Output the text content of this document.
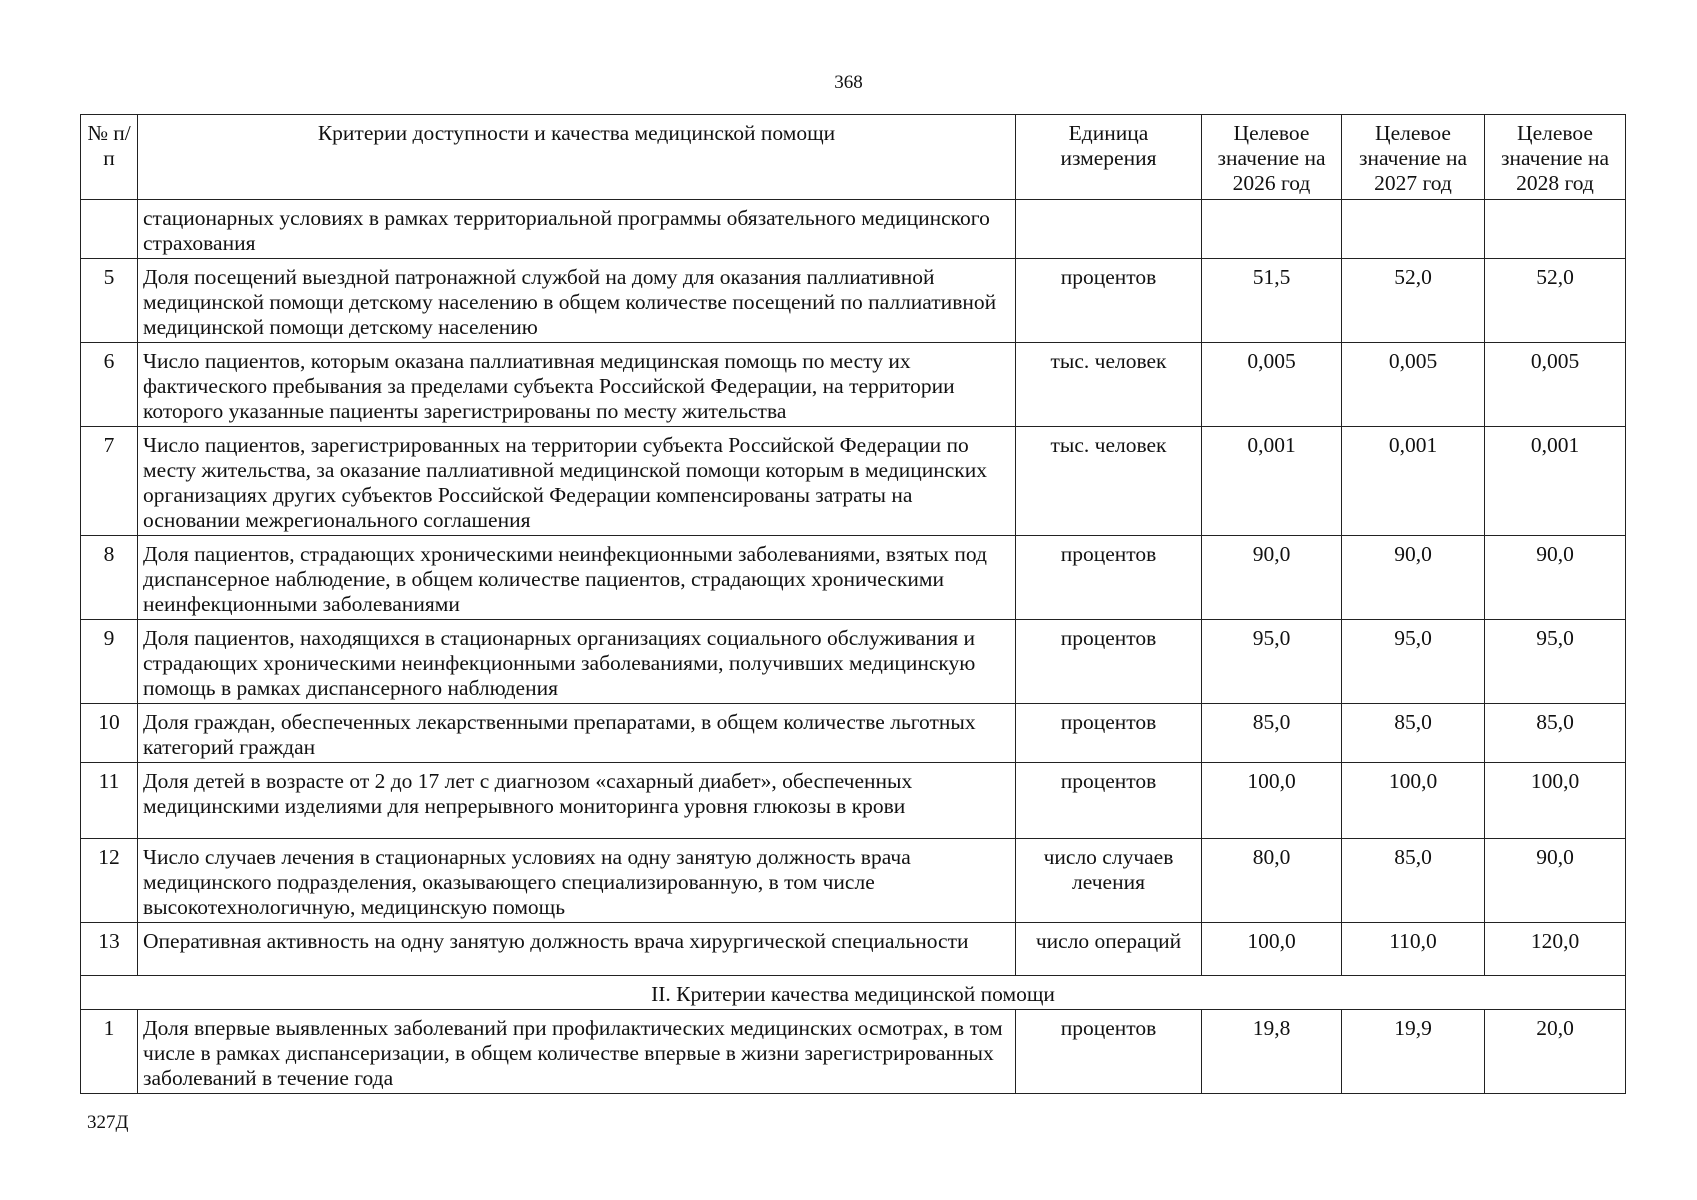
368
№ п/п	Критерии доступности и качества медицинской помощи	Единица измерения	Целевое значение на 2026 год	Целевое значение на 2027 год	Целевое значение на 2028 год
	стационарных условиях в рамках территориальной программы обязательного медицинского страхования				
5	Доля посещений выездной патронажной службой на дому для оказания паллиативной медицинской помощи детскому населению в общем количестве посещений по паллиативной медицинской помощи детскому населению	процентов	51,5	52,0	52,0
6	Число пациентов, которым оказана паллиативная медицинская помощь по месту их фактического пребывания за пределами субъекта Российской Федерации, на территории которого указанные пациенты зарегистрированы по месту жительства	тыс. человек	0,005	0,005	0,005
7	Число пациентов, зарегистрированных на территории субъекта Российской Федерации по месту жительства, за оказание паллиативной медицинской помощи которым в медицинских организациях других субъектов Российской Федерации компенсированы затраты на основании межрегионального соглашения	тыс. человек	0,001	0,001	0,001
8	Доля пациентов, страдающих хроническими неинфекционными заболеваниями, взятых под диспансерное наблюдение, в общем количестве пациентов, страдающих хроническими неинфекционными заболеваниями	процентов	90,0	90,0	90,0
9	Доля пациентов, находящихся в стационарных организациях социального обслуживания и страдающих хроническими неинфекционными заболеваниями, получивших медицинскую помощь в рамках диспансерного наблюдения	процентов	95,0	95,0	95,0
10	Доля граждан, обеспеченных лекарственными препаратами, в общем количестве льготных категорий граждан	процентов	85,0	85,0	85,0
11	Доля детей в возрасте от 2 до 17 лет с диагнозом «сахарный диабет», обеспеченных медицинскими изделиями для непрерывного мониторинга уровня глюкозы в крови	процентов	100,0	100,0	100,0
12	Число случаев лечения в стационарных условиях на одну занятую должность врача медицинского подразделения, оказывающего специализированную, в том числе высокотехнологичную, медицинскую помощь	число случаев лечения	80,0	85,0	90,0
13	Оперативная активность на одну занятую должность врача хирургической специальности	число операций	100,0	110,0	120,0
II. Критерии качества медицинской помощи					
1	Доля впервые выявленных заболеваний при профилактических медицинских осмотрах, в том числе в рамках диспансеризации, в общем количестве впервые в жизни зарегистрированных заболеваний в течение года	процентов	19,8	19,9	20,0
327Д
